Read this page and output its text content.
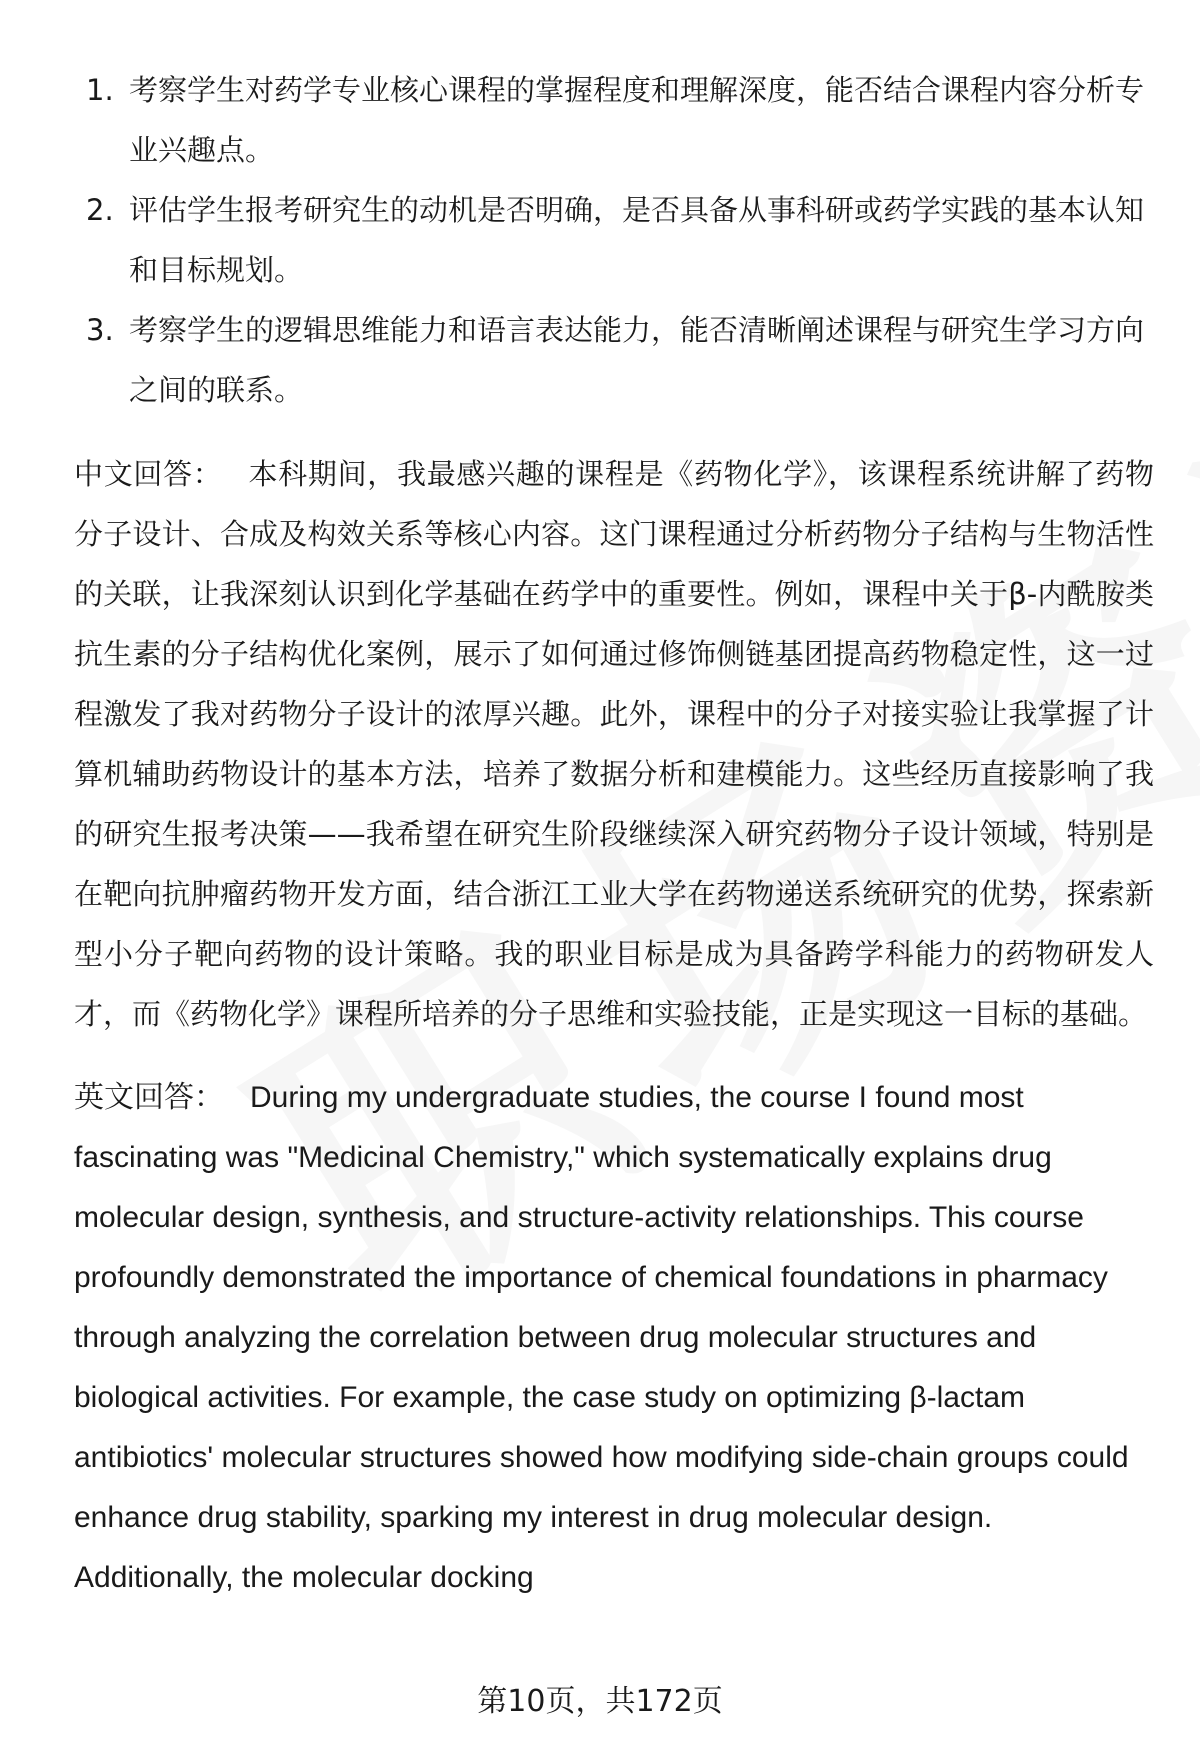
1. 考察学生对药学专业核心课程的掌握程度和理解深度，能否结合课程内容分析专业兴趣点。
2. 评估学生报考研究生的动机是否明确，是否具备从事科研或药学实践的基本认知和目标规划。
3. 考察学生的逻辑思维能力和语言表达能力，能否清晰阐述课程与研究生学习方向之间的联系。

中文回答： 本科期间，我最感兴趣的课程是《药物化学》，该课程系统讲解了药物分子设计、合成及构效关系等核心内容。这门课程通过分析药物分子结构与生物活性的关联，让我深刻认识到化学基础在药学中的重要性。例如，课程中关于β-内酰胺类抗生素的分子结构优化案例，展示了如何通过修饰侧链基团提高药物稳定性，这一过程激发了我对药物分子设计的浓厚兴趣。此外，课程中的分子对接实验让我掌握了计算机辅助药物设计的基本方法，培养了数据分析和建模能力。这些经历直接影响了我的研究生报考决策——我希望在研究生阶段继续深入研究药物分子设计领域，特别是在靶向抗肿瘤药物开发方面，结合浙江工业大学在药物递送系统研究的优势，探索新型小分子靶向药物的设计策略。我的职业目标是成为具备跨学科能力的药物研发人才，而《药物化学》课程所培养的分子思维和实验技能，正是实现这一目标的基础。

英文回答： During my undergraduate studies, the course I found most fascinating was "Medicinal Chemistry," which systematically explains drug molecular design, synthesis, and structure-activity relationships. This course profoundly demonstrated the importance of chemical foundations in pharmacy through analyzing the correlation between drug molecular structures and biological activities. For example, the case study on optimizing β-lactam antibiotics' molecular structures showed how modifying side-chain groups could enhance drug stability, sparking my interest in drug molecular design. Additionally, the molecular docking

第10页，共172页
